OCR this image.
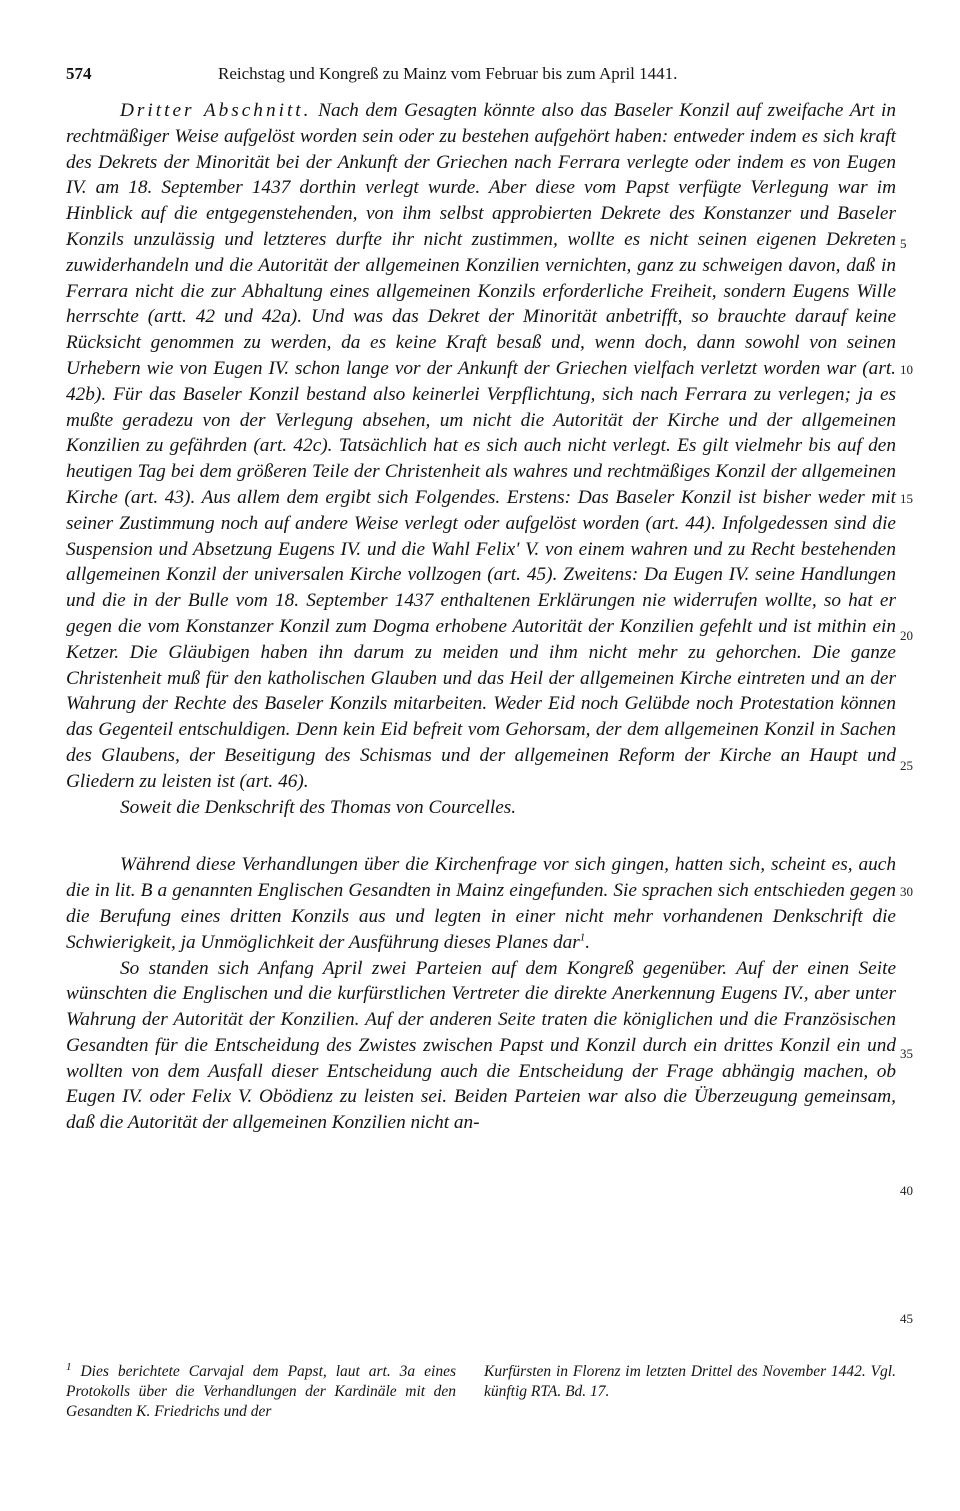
574	Reichstag und Kongreß zu Mainz vom Februar bis zum April 1441.

Dritter Abschnitt. Nach dem Gesagten könnte also das Baseler Konzil auf zweifache Art in rechtmäßiger Weise aufgelöst worden sein oder zu bestehen aufgehört haben: entweder indem es sich kraft des Dekrets der Minorität bei der Ankunft der Griechen nach Ferrara verlegte oder indem es von Eugen IV. am 18. September 1437 dorthin verlegt wurde. Aber diese vom Papst verfügte Verlegung war im Hinblick auf die entgegenstehenden, von ihm selbst approbierten Dekrete des Konstanzer und Baseler Konzils unzulässig und letzteres durfte ihr nicht zustimmen, wollte es nicht seinen eigenen Dekreten zuwiderhandeln und die Autorität der allgemeinen Konzilien vernichten, ganz zu schweigen davon, daß in Ferrara nicht die zur Abhaltung eines allgemeinen Konzils erforderliche Freiheit, sondern Eugens Wille herrschte (artt. 42 und 42a). Und was das Dekret der Minorität anbetrifft, so brauchte darauf keine Rücksicht genommen zu werden, da es keine Kraft besaß und, wenn doch, dann sowohl von seinen Urhebern wie von Eugen IV. schon lange vor der Ankunft der Griechen vielfach verletzt worden war (art. 42b). Für das Baseler Konzil bestand also keinerlei Verpflichtung, sich nach Ferrara zu verlegen; ja es mußte geradezu von der Verlegung absehen, um nicht die Autorität der Kirche und der allgemeinen Konzilien zu gefährden (art. 42c). Tatsächlich hat es sich auch nicht verlegt. Es gilt vielmehr bis auf den heutigen Tag bei dem größeren Teile der Christenheit als wahres und rechtmäßiges Konzil der allgemeinen Kirche (art. 43). Aus allem dem ergibt sich Folgendes. Erstens: Das Baseler Konzil ist bisher weder mit seiner Zustimmung noch auf andere Weise verlegt oder aufgelöst worden (art. 44). Infolgedessen sind die Suspension und Absetzung Eugens IV. und die Wahl Felix' V. von einem wahren und zu Recht bestehenden allgemeinen Konzil der universalen Kirche vollzogen (art. 45). Zweitens: Da Eugen IV. seine Handlungen und die in der Bulle vom 18. September 1437 enthaltenen Erklärungen nie widerrufen wollte, so hat er gegen die vom Konstanzer Konzil zum Dogma erhobene Autorität der Konzilien gefehlt und ist mithin ein Ketzer. Die Gläubigen haben ihn darum zu meiden und ihm nicht mehr zu gehorchen. Die ganze Christenheit muß für den katholischen Glauben und das Heil der allgemeinen Kirche eintreten und an der Wahrung der Rechte des Baseler Konzils mitarbeiten. Weder Eid noch Gelübde noch Protestation können das Gegenteil entschuldigen. Denn kein Eid befreit vom Gehorsam, der dem allgemeinen Konzil in Sachen des Glaubens, der Beseitigung des Schismas und der allgemeinen Reform der Kirche an Haupt und Gliedern zu leisten ist (art. 46).

Soweit die Denkschrift des Thomas von Courcelles.

Während diese Verhandlungen über die Kirchenfrage vor sich gingen, hatten sich, scheint es, auch die in lit. B a genannten Englischen Gesandten in Mainz eingefunden. Sie sprachen sich entschieden gegen die Berufung eines dritten Konzils aus und legten in einer nicht mehr vorhandenen Denkschrift die Schwierigkeit, ja Unmöglichkeit der Ausführung dieses Planes dar$^1$.

So standen sich Anfang April zwei Parteien auf dem Kongreß gegenüber. Auf der einen Seite wünschten die Englischen und die kurfürstlichen Vertreter die direkte Anerkennung Eugens IV., aber unter Wahrung der Autorität der Konzilien. Auf der anderen Seite traten die königlichen und die Französischen Gesandten für die Entscheidung des Zwistes zwischen Papst und Konzil durch ein drittes Konzil ein und wollten von dem Ausfall dieser Entscheidung auch die Entscheidung der Frage abhängig machen, ob Eugen IV. oder Felix V. Obödienz zu leisten sei. Beiden Parteien war also die Überzeugung gemeinsam, daß die Autorität der allgemeinen Konzilien nicht an-

5
10
15
20
25
30
35
40
45
$^1$ Dies berichtete Carvajal dem Papst, laut art. 3a eines Protokolls über die Verhandlungen der Kardinäle mit den Gesandten K. Friedrichs und der
Kurfürsten in Florenz im letzten Drittel des November 1442. Vgl. künftig RTA. Bd. 17.
